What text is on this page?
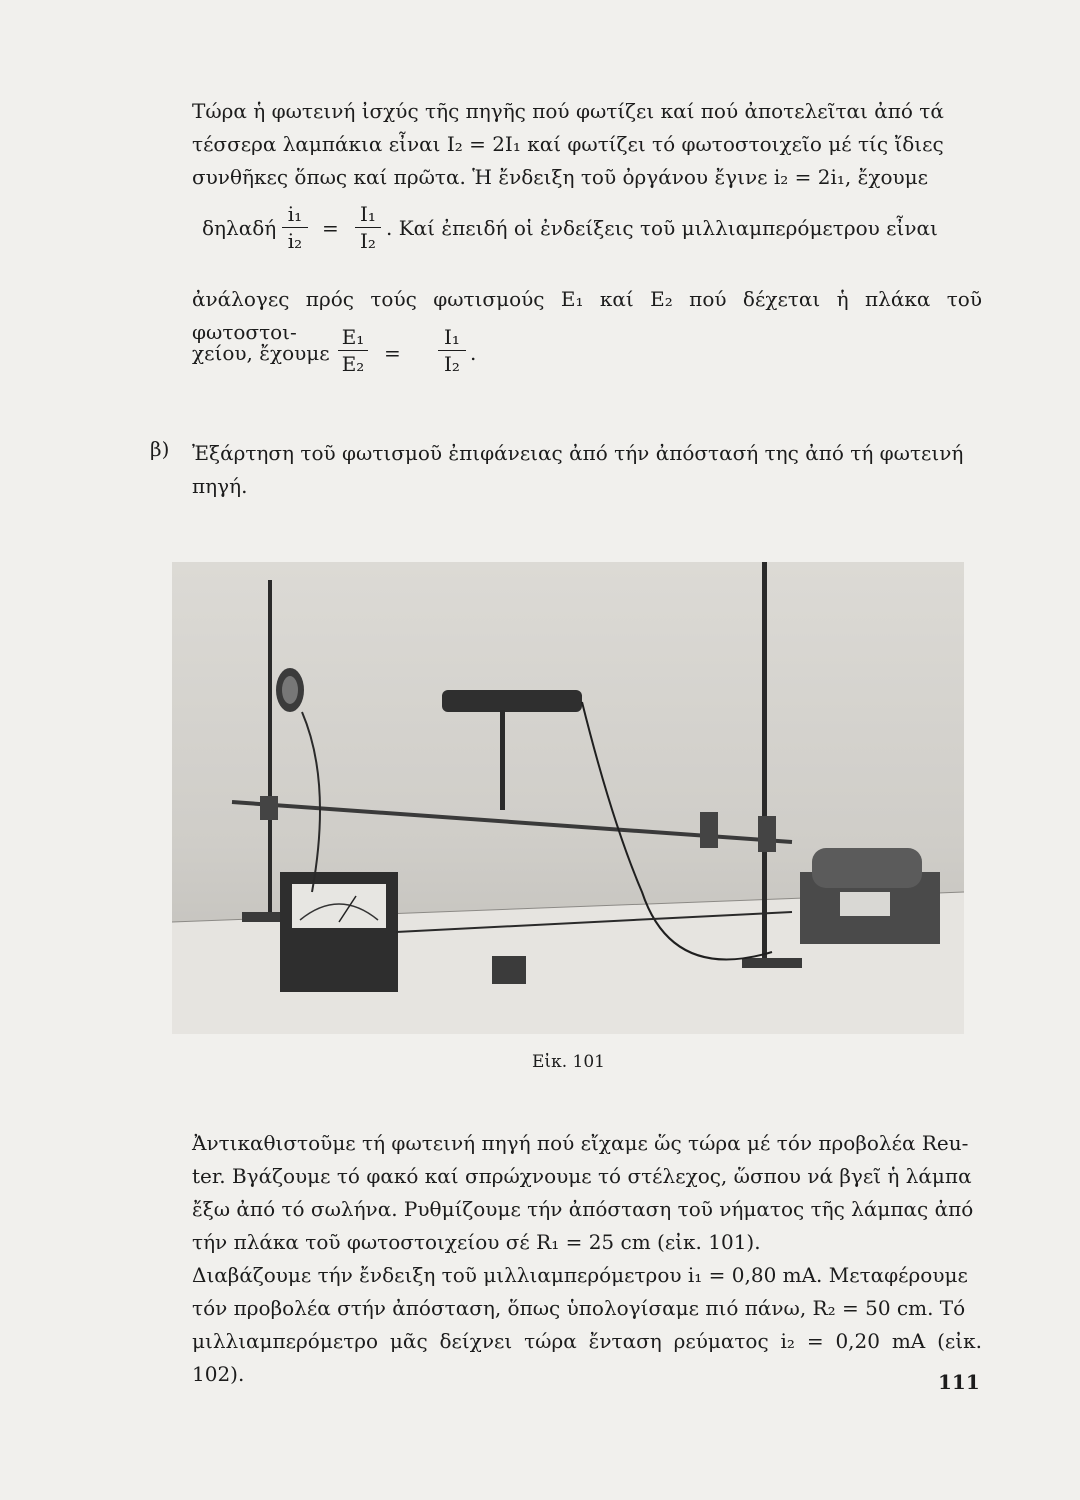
Τώρα ἡ φωτεινή ἰσχύς τῆς πηγῆς πού φωτίζει καί πού ἀποτελεῖται ἀπό τά
τέσσερα λαμπάκια εἶναι I₂ = 2I₁ καί φωτίζει τό φωτοστοιχεῖο μέ τίς ἴδιες
συνθῆκες ὅπως καί πρῶτα. Ἡ ἔνδειξη τοῦ ὀργάνου ἔγινε i₂ = 2i₁, ἔχουμε
δηλαδή
i₁
i₂
=
I₁
I₂
. Καί ἐπειδή οἱ ἐνδείξεις τοῦ μιλλιαμπερόμετρου εἶναι
ἀνάλογες πρός τούς φωτισμούς E₁ καί E₂ πού δέχεται ἡ πλάκα τοῦ φωτοστοι-
χείου, ἔχουμε
E₁
E₂ =
I₁
I₂ .
β) Ἐξάρτηση τοῦ φωτισμοῦ ἐπιφάνειας ἀπό τήν ἀπόστασή της ἀπό τή φωτεινή
πηγή.
Εἰκ. 101
Ἀντικαθιστοῦμε τή φωτεινή πηγή πού εἴχαμε ὥς τώρα μέ τόν προβολέα Reu-
ter. Βγάζουμε τό φακό καί σπρώχνουμε τό στέλεχος, ὥσπου νά βγεῖ ἡ λάμπα
ἔξω ἀπό τό σωλήνα. Ρυθμίζουμε τήν ἀπόσταση τοῦ νήματος τῆς λάμπας ἀπό
τήν πλάκα τοῦ φωτοστοιχείου σέ R₁ = 25 cm (εἰκ. 101).
Διαβάζουμε τήν ἔνδειξη τοῦ μιλλιαμπερόμετρου i₁ = 0,80 mA. Μεταφέρουμε
τόν προβολέα στήν ἀπόσταση, ὅπως ὑπολογίσαμε πιό πάνω, R₂ = 50 cm. Τό
μιλλιαμπερόμετρο μᾶς δείχνει τώρα ἔνταση ρεύματος i₂ = 0,20 mA (εἰκ. 102).	111
